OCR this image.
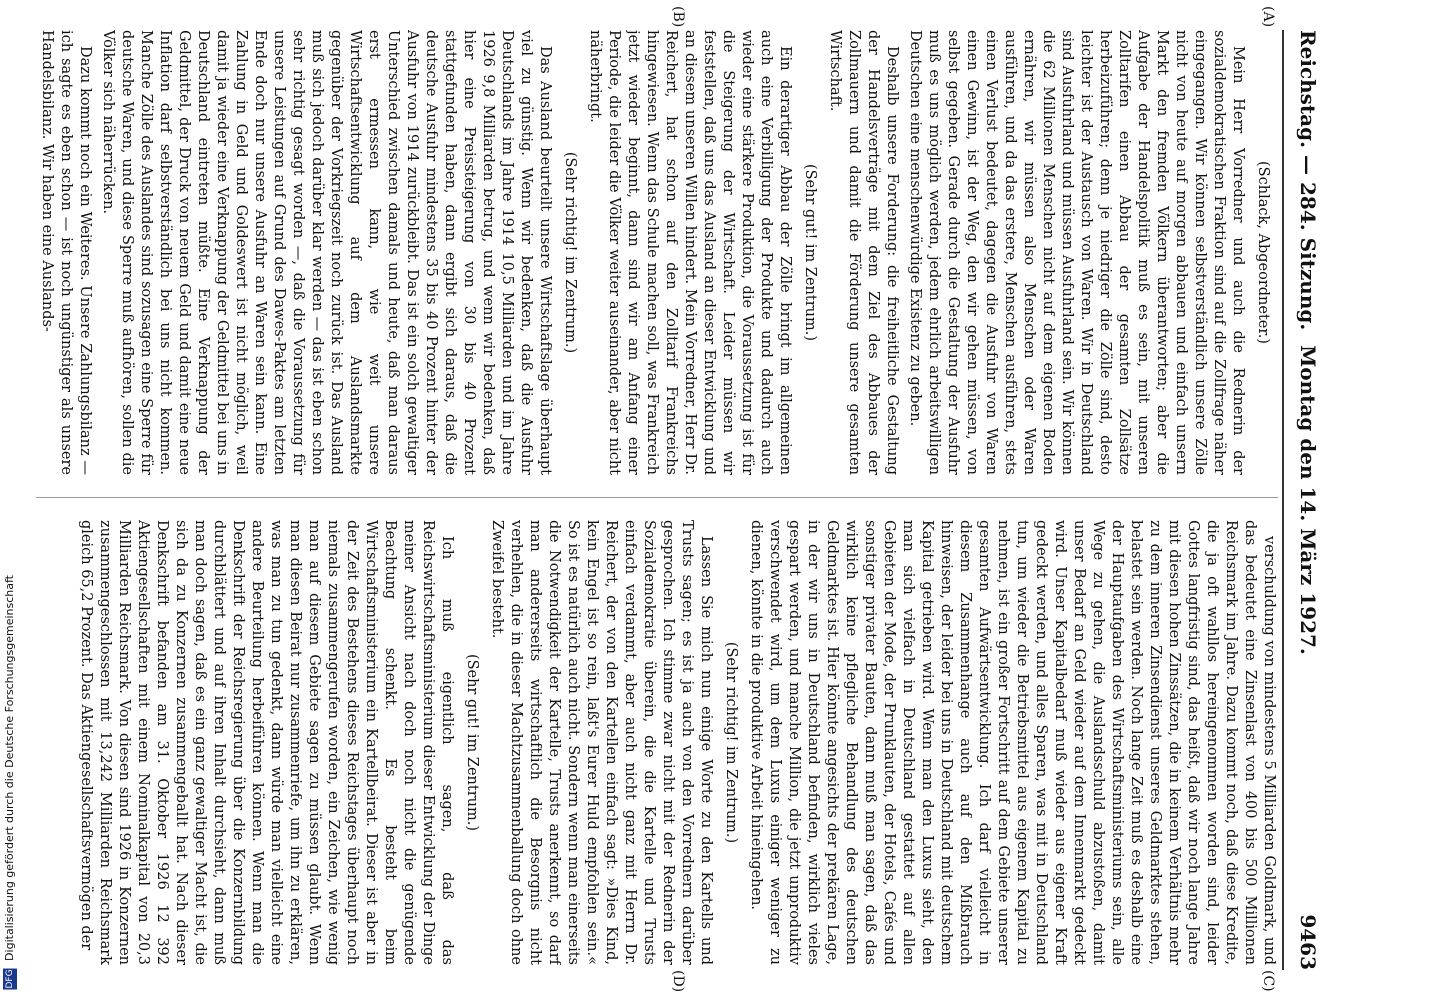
Reichstag. — 284. Sitzung.
Montag den 14. März 1927.
9463
(A)
(B)
(C)
(D)

(Schlack, Abgeordneter.)

Mein Herr Vorredner und auch die Rednerin der sozialdemokratischen Fraktion sind auf die Zollfrage näher eingegangen. Wir können selbstverständlich unsere Zölle nicht von heute auf morgen abbauen und einfach unsern Markt den fremden Völkern überantworten; aber die Aufgabe der Handelspolitik muß es sein, mit unseren Zolltarifen einen Abbau der gesamten Zollsätze herbeizuführen; denn je niedriger die Zölle sind, desto leichter ist der Austausch von Waren. Wir in Deutschland sind Ausfuhrland und müssen Ausfuhrland sein. Wir können die 62 Millionen Menschen nicht auf dem eigenen Boden ernähren, wir müssen also Menschen oder Waren ausführen, und da das erstere, Menschen ausführen, stets einen Verlust bedeutet, dagegen die Ausfuhr von Waren einen Gewinn, ist der Weg, den wir gehen müssen, von selbst gegeben. Gerade durch die Gestaltung der Ausfuhr muß es uns möglich werden, jedem ehrlich arbeitswilligen Deutschen eine menschenwürdige Existenz zu geben.

Deshalb unsere Forderung: die freiheitliche Gestaltung der Handelsverträge mit dem Ziel des Abbaues der Zollmauern und damit die Förderung unsere gesamten Wirtschaft.

(Sehr gut! im Zentrum.)

Ein derartiger Abbau der Zölle bringt im allgemeinen auch eine Verbilligung der Produkte und dadurch auch wieder eine stärkere Produktion, die Voraussetzung ist für die Steigerung der Wirtschaft. Leider müssen wir feststellen, daß uns das Ausland an dieser Entwicklung und an diesem unseren Willen hindert. Mein Vorredner, Herr Dr. Reichert, hat schon auf den Zolltarif Frankreichs hingewiesen. Wenn das Schule machen soll, was Frankreich jetzt wieder beginnt, dann sind wir am Anfang einer Periode, die leider die Völker weiter auseinander, aber nicht näherbringt.

(Sehr richtig! im Zentrum.)

Das Ausland beurteilt unsere Wirtschaftslage überhaupt viel zu günstig. Wenn wir bedenken, daß die Ausfuhr Deutschlands im Jahre 1914 10,5 Milliarden und im Jahre 1926 9,8 Milliarden betrug, und wenn wir bedenken, daß hier eine Preissteigerung von 30 bis 40 Prozent stattgefunden haben, dann ergibt sich daraus, daß die deutsche Ausfuhr mindestens 35 bis 40 Prozent hinter der Ausfuhr von 1914 zurückbleibt. Das ist ein solch gewaltiger Unterschied zwischen damals und heute, daß man daraus erst ermessen kann, wie weit unsere Wirtschaftsentwicklung auf dem Auslandsmarkte gegenüber der Vorkriegszeit noch zurück ist. Das Ausland muß sich jedoch darüber klar werden — das ist eben schon sehr richtig gesagt worden —, daß die Voraussetzung für unsere Leistungen auf Grund des Dawes-Paktes am letzten Ende doch nur unsere Ausfuhr an Waren sein kann. Eine Zahlung in Geld und Goldeswert ist nicht möglich, weil damit ja wieder eine Verknappung der Geldmittel bei uns in Deutschland eintreten müßte. Eine Verknappung der Geldmittel, der Druck von neuem Geld und damit eine neue Inflation darf selbstverständlich bei uns nicht kommen. Manche Zölle des Auslandes sind sozusagen eine Sperre für deutsche Waren, und diese Sperre muß aufhören, sollen die Völker sich näherrücken.

Dazu kommt noch ein Weiteres. Unsere Zahlungsbilanz — ich sagte es eben schon — ist noch ungünstiger als unsere Handelsbilanz. Wir haben eine Auslands-

verschuldung von mindestens 5 Milliarden Goldmark, und das bedeutet eine Zinsenlast von 400 bis 500 Millionen Reichsmark im Jahre. Dazu kommt noch, daß diese Kredite, die ja oft wahllos hereingenommen worden sind, leider Gottes langfristig sind, das heißt, daß wir noch lange Jahre mit diesen hohen Zinssätzen, die in keinem Verhältnis mehr zu dem inneren Zinsendienst unseres Geldmarktes stehen, belastet sein werden. Noch lange Zeit muß es deshalb eine der Hauptaufgaben des Wirtschaftsministeriums sein, alle Wege zu gehen, die Auslandsschuld abzustoßen, damit unser Bedarf an Geld wieder auf dem Innenmarkt gedeckt wird. Unser Kapitalbedarf muß wieder aus eigener Kraft gedeckt werden, und alles Sparen, was mit in Deutschland tun, um wieder die Betriebsmittel aus eigenem Kapital zu nehmen, ist ein großer Fortschritt auf dem Gebiete unserer gesamten Aufwärtsentwicklung. Ich darf vielleicht in diesem Zusammenhange auch auf den Mißbrauch hinweisen, der leider bei uns in Deutschland mit deutschem Kapital getrieben wird. Wenn man den Luxus sieht, den man sich vielfach in Deutschland gestattet auf allen Gebieten der Mode, der Prunklauten, der Hotels, Cafés und sonstiger privater Bauten, dann muß man sagen, daß das wirklich keine pflegliche Behandlung des deutschen Geldmarktes ist. Hier könnte angesichts der prekären Lage, in der wir uns in Deutschland befinden, wirklich vieles gespart werden, und manche Million, die jetzt unproduktiv verschwendet wird, um dem Luxus einiger weniger zu dienen, könnte in die produktive Arbeit hineingehen.

(Sehr richtig! im Zentrum.)

Lassen Sie mich nun einige Worte zu den Kartells und Trusts sagen; es ist ja auch von den Vorrednern darüber gesprochen. Ich stimme zwar nicht mit der Rednerin der Sozialdemokratie überein, die die Kartelle und Trusts einfach verdammt, aber auch nicht ganz mit Herrn Dr. Reichert, der von den Kartellen einfach sagt: »Dies Kind, kein Engel ist so rein, laßt's Eurer Huld empfohlen sein.« So ist es natürlich auch nicht. Sondern wenn man einerseits die Notwendigkeit der Kartelle, Trusts anerkennt, so darf man andererseits wirtschaftlich die Besorgnis nicht verhehlen, die in dieser Machtzusammenballung doch ohne Zweifel besteht.

(Sehr gut! im Zentrum.)

Ich muß eigentlich sagen, daß das Reichswirtschaftsministerium dieser Entwicklung der Dinge meiner Ansicht nach doch noch nicht die genügende Beachtung schenkt. Es besteht beim Wirtschaftsministerium ein Kartellbeirat. Dieser ist aber in der Zeit des Bestehens dieses Reichstages überhaupt noch niemals zusammengerufen worden, ein Zeichen, wie wenig man auf diesem Gebiete sagen zu müssen glaubt. Wenn man diesen Beirat nur zusammenriefe, um ihn zu erklären, was man zu tun gedenkt, dann würde man vielleicht eine andere Beurteilung herbeiführen können. Wenn man die Denkschrift der Reichsregierung über die Konzernbildung durchblättert und auf ihren Inhalt durchsieht, dann muß man doch sagen, daß es ein ganz gewaltiger Macht ist, die sich da zu Konzernen zusammengeballt hat. Nach dieser Denkschrift befanden am 31. Oktober 1926 12 392 Aktiengesellschaften mit einem Nominalkapital von 20,3 Milliarden Reichsmark. Von diesen sind 1926 in Konzernen zusammengeschlossen mit 13,242 Milliarden Reichsmark gleich 65,2 Prozent. Das Aktiengesellschaftsvermögen der

DFG Digitalisierung gefördert durch die Deutsche Forschungsgemeinschaft
